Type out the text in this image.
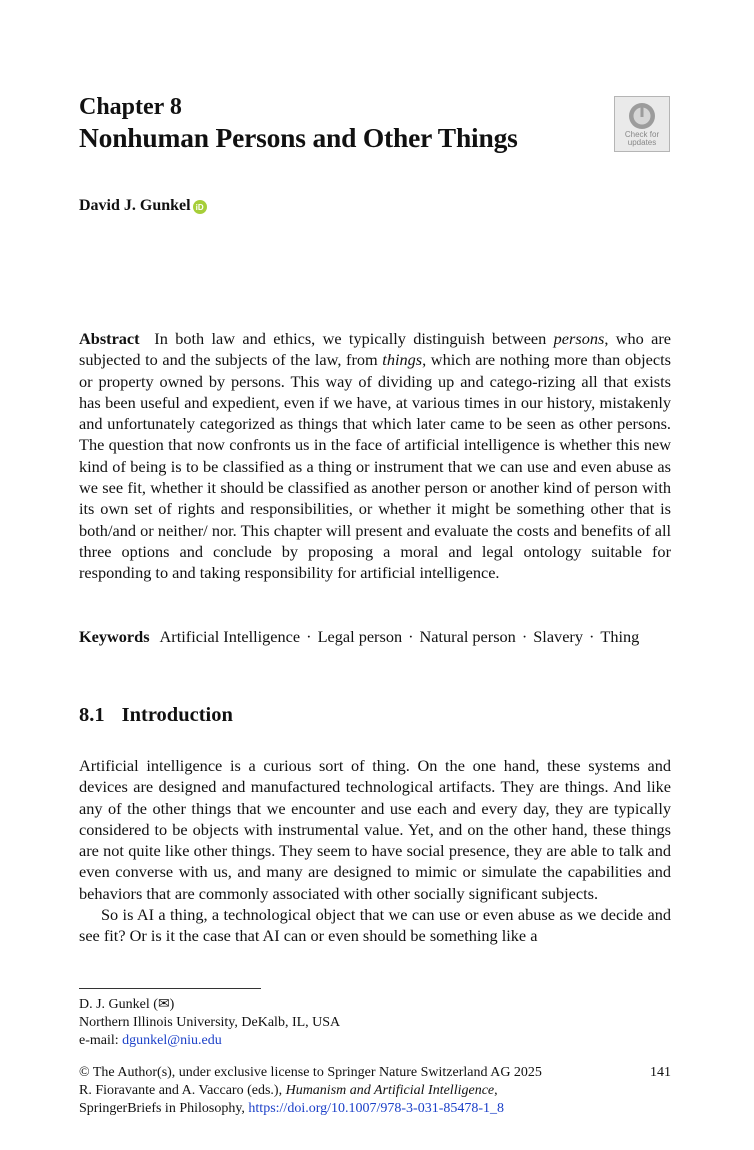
Chapter 8
Nonhuman Persons and Other Things	Check for
updates
David J. Gunkel iD
Abstract In both law and ethics, we typically distinguish between persons, who are subjected to and the subjects of the law, from things, which are nothing more than objects or property owned by persons. This way of dividing up and catego-rizing all that exists has been useful and expedient, even if we have, at various times in our history, mistakenly and unfortunately categorized as things that which later came to be seen as other persons. The question that now confronts us in the face of artificial intelligence is whether this new kind of being is to be classified as a thing or instrument that we can use and even abuse as we see fit, whether it should be classified as another person or another kind of person with its own set of rights and responsibilities, or whether it might be something other that is both/and or neither/ nor. This chapter will present and evaluate the costs and benefits of all three options and conclude by proposing a moral and legal ontology suitable for responding to and taking responsibility for artificial intelligence.
Keywords Artificial Intelligence · Legal person · Natural person · Slavery · Thing
8.1 Introduction

Artificial intelligence is a curious sort of thing. On the one hand, these systems and devices are designed and manufactured technological artifacts. They are things. And like any of the other things that we encounter and use each and every day, they are typically considered to be objects with instrumental value. Yet, and on the other hand, these things are not quite like other things. They seem to have social presence, they are able to talk and even converse with us, and many are designed to mimic or simulate the capabilities and behaviors that are commonly associated with other socially significant subjects.

So is AI a thing, a technological object that we can use or even abuse as we decide and see fit? Or is it the case that AI can or even should be something like a

D. J. Gunkel (✉)
Northern Illinois University, DeKalb, IL, USA
e-mail: dgunkel@niu.edu
© The Author(s), under exclusive license to Springer Nature Switzerland AG 2025
R. Fioravante and A. Vaccaro (eds.), Humanism and Artificial Intelligence,
SpringerBriefs in Philosophy, https://doi.org/10.1007/978-3-031-85478-1_8
141
